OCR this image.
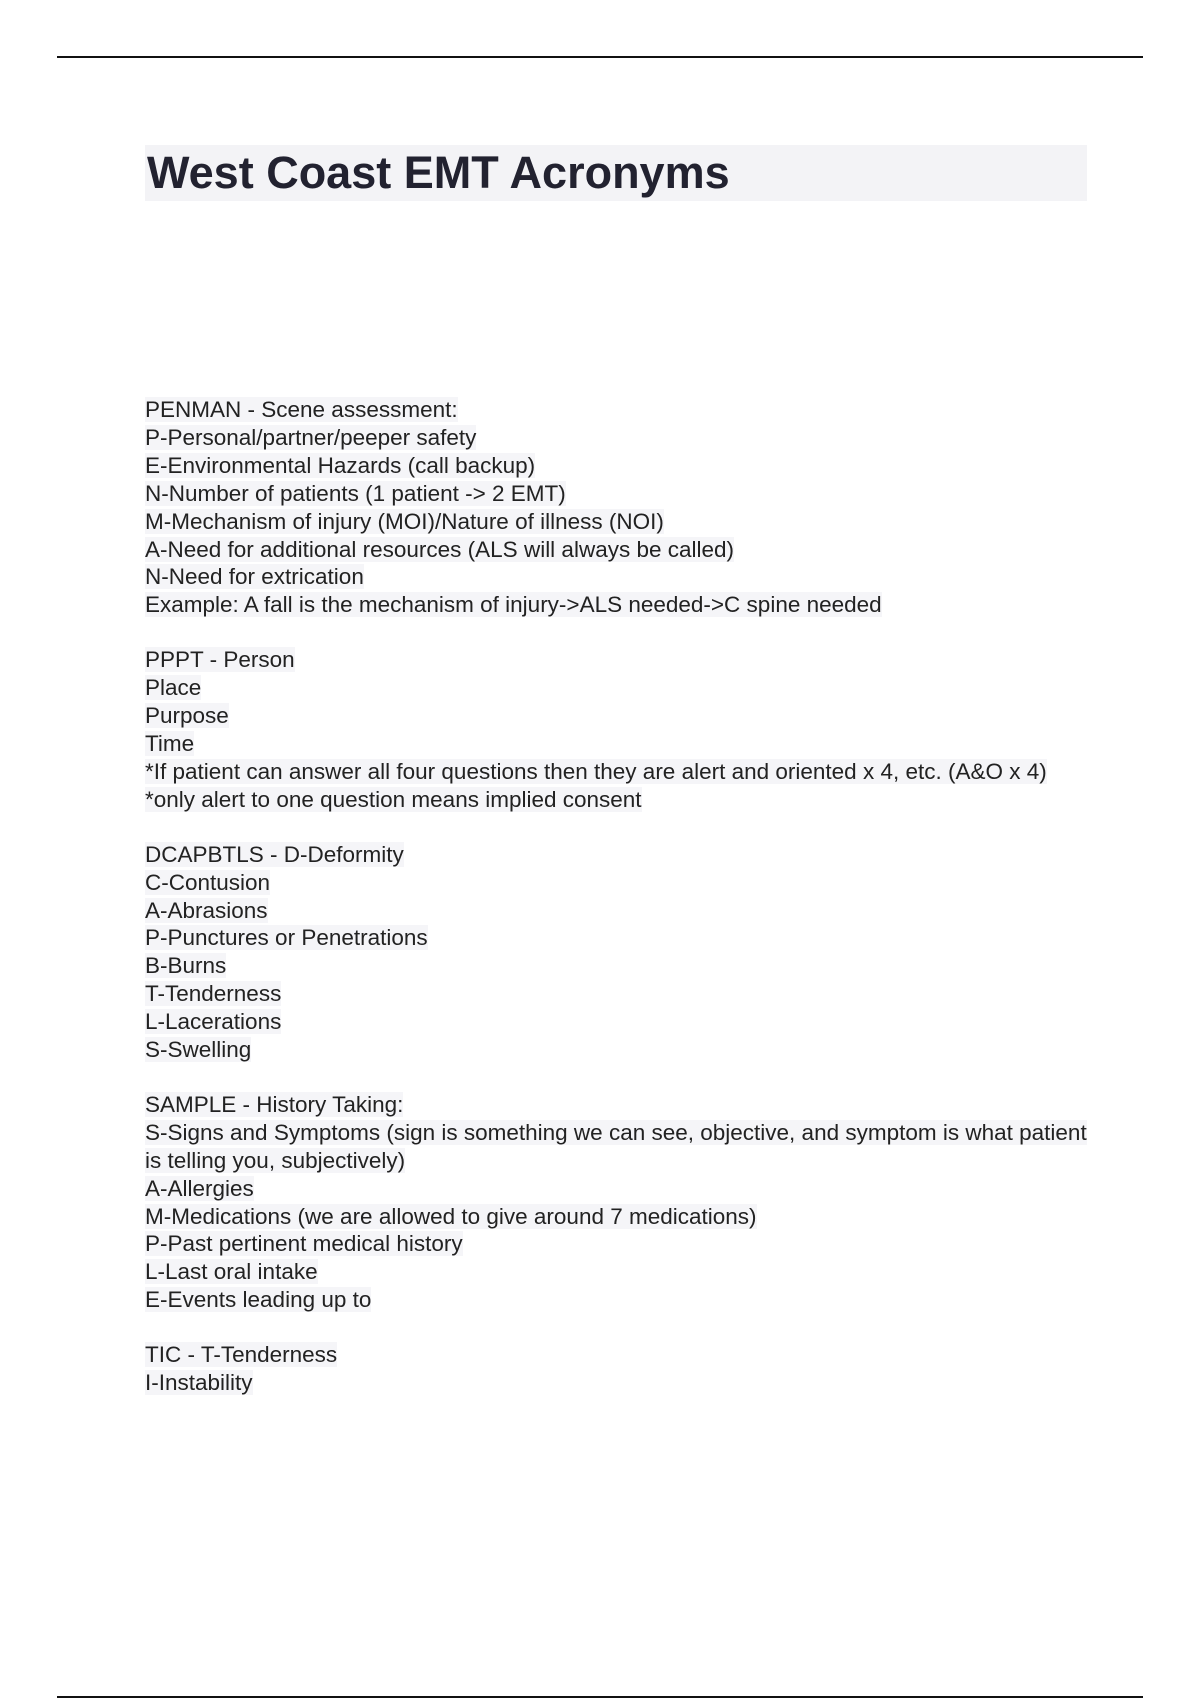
West Coast EMT Acronyms
PENMAN - Scene assessment:
P-Personal/partner/peeper safety
E-Environmental Hazards (call backup)
N-Number of patients (1 patient -> 2 EMT)
M-Mechanism of injury (MOI)/Nature of illness (NOI)
A-Need for additional resources (ALS will always be called)
N-Need for extrication
Example: A fall is the mechanism of injury->ALS needed->C spine needed
PPPT - Person
Place
Purpose
Time
*If patient can answer all four questions then they are alert and oriented x 4, etc. (A&O x 4)
*only alert to one question means implied consent
DCAPBTLS - D-Deformity
C-Contusion
A-Abrasions
P-Punctures or Penetrations
B-Burns
T-Tenderness
L-Lacerations
S-Swelling
SAMPLE - History Taking:
S-Signs and Symptoms (sign is something we can see, objective, and symptom is what patient is telling you, subjectively)
A-Allergies
M-Medications (we are allowed to give around 7 medications)
P-Past pertinent medical history
L-Last oral intake
E-Events leading up to
TIC - T-Tenderness
I-Instability
